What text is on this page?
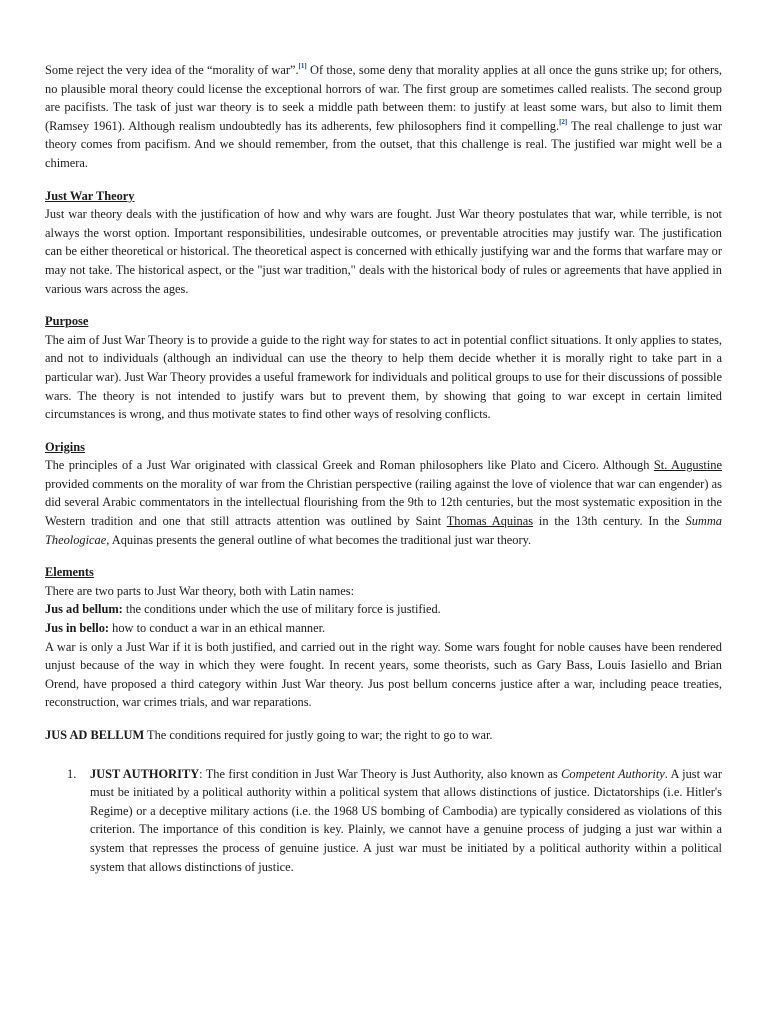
Some reject the very idea of the “morality of war”.[1] Of those, some deny that morality applies at all once the guns strike up; for others, no plausible moral theory could license the exceptional horrors of war. The first group are sometimes called realists. The second group are pacifists. The task of just war theory is to seek a middle path between them: to justify at least some wars, but also to limit them (Ramsey 1961). Although realism undoubtedly has its adherents, few philosophers find it compelling.[2] The real challenge to just war theory comes from pacifism. And we should remember, from the outset, that this challenge is real. The justified war might well be a chimera.

Just War Theory

Just war theory deals with the justification of how and why wars are fought. Just War theory postulates that war, while terrible, is not always the worst option. Important responsibilities, undesirable outcomes, or preventable atrocities may justify war. The justification can be either theoretical or historical. The theoretical aspect is concerned with ethically justifying war and the forms that warfare may or may not take. The historical aspect, or the "just war tradition," deals with the historical body of rules or agreements that have applied in various wars across the ages.

Purpose

The aim of Just War Theory is to provide a guide to the right way for states to act in potential conflict situations. It only applies to states, and not to individuals (although an individual can use the theory to help them decide whether it is morally right to take part in a particular war). Just War Theory provides a useful framework for individuals and political groups to use for their discussions of possible wars. The theory is not intended to justify wars but to prevent them, by showing that going to war except in certain limited circumstances is wrong, and thus motivate states to find other ways of resolving conflicts.

Origins

The principles of a Just War originated with classical Greek and Roman philosophers like Plato and Cicero. Although St. Augustine provided comments on the morality of war from the Christian perspective (railing against the love of violence that war can engender) as did several Arabic commentators in the intellectual flourishing from the 9th to 12th centuries, but the most systematic exposition in the Western tradition and one that still attracts attention was outlined by Saint Thomas Aquinas in the 13th century. In the Summa Theologicae, Aquinas presents the general outline of what becomes the traditional just war theory.

Elements

There are two parts to Just War theory, both with Latin names:

Jus ad bellum: the conditions under which the use of military force is justified.
Jus in bello: how to conduct a war in an ethical manner.

A war is only a Just War if it is both justified, and carried out in the right way. Some wars fought for noble causes have been rendered unjust because of the way in which they were fought. In recent years, some theorists, such as Gary Bass, Louis Iasiello and Brian Orend, have proposed a third category within Just War theory. Jus post bellum concerns justice after a war, including peace treaties, reconstruction, war crimes trials, and war reparations.

JUS AD BELLUM The conditions required for justly going to war; the right to go to war.

1. JUST AUTHORITY: The first condition in Just War Theory is Just Authority, also known as Competent Authority. A just war must be initiated by a political authority within a political system that allows distinctions of justice. Dictatorships (i.e. Hitler's Regime) or a deceptive military actions (i.e. the 1968 US bombing of Cambodia) are typically considered as violations of this criterion. The importance of this condition is key. Plainly, we cannot have a genuine process of judging a just war within a system that represses the process of genuine justice. A just war must be initiated by a political authority within a political system that allows distinctions of justice.
